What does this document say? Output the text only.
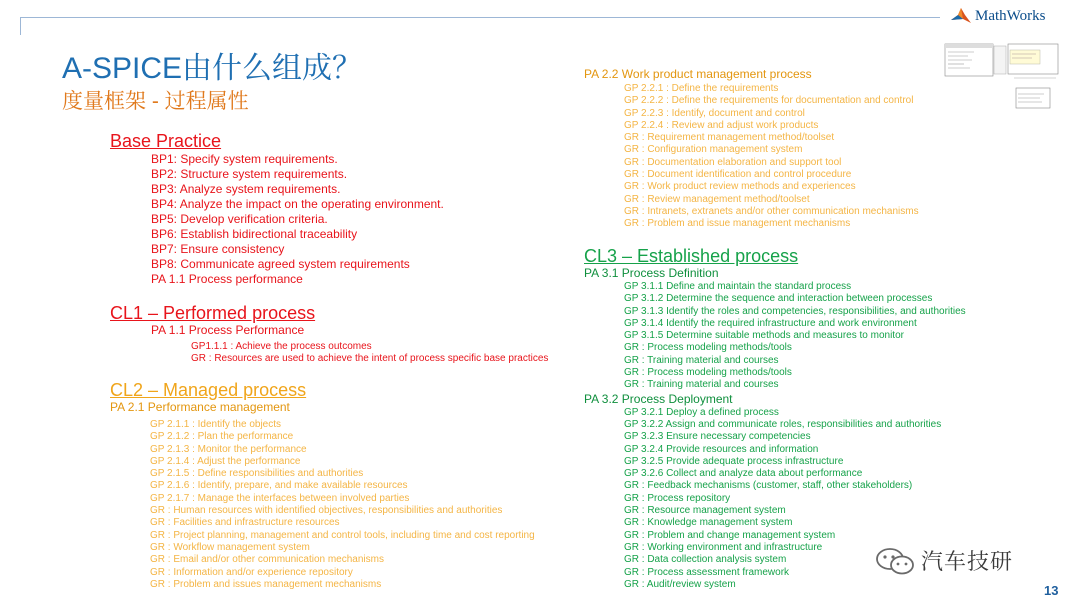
MathWorks
A-SPICE由什么组成？
度量框架 - 过程属性
Base Practice
BP1: Specify system requirements.
BP2: Structure system requirements.
BP3: Analyze system requirements.
BP4: Analyze the impact on the operating environment.
BP5: Develop verification criteria.
BP6: Establish bidirectional traceability
BP7: Ensure consistency
BP8: Communicate agreed system requirements
PA 1.1 Process performance
CL1 – Performed process
PA 1.1 Process Performance
GP1.1.1 : Achieve the process outcomes
GR : Resources are used to achieve the intent of process specific base practices
CL2 – Managed process
PA 2.1 Performance management
GP 2.1.1 : Identify the objects
GP 2.1.2 : Plan the performance
GP 2.1.3 : Monitor the performance
GP 2.1.4 : Adjust the performance
GP 2.1.5 : Define responsibilities and authorities
GP 2.1.6 : Identify, prepare, and make available resources
GP 2.1.7 : Manage the interfaces between involved parties
GR : Human resources with identified objectives, responsibilities and authorities
GR : Facilities and infrastructure resources
GR : Project planning, management and control tools, including time and cost reporting
GR : Workflow management system
GR : Email and/or other communication mechanisms
GR : Information and/or experience repository
GR : Problem and issues management mechanisms
PA 2.2 Work product management process
GP 2.2.1 : Define the requirements
GP 2.2.2 : Define the requirements for documentation and control
GP 2.2.3 : Identify, document and control
GP 2.2.4 : Review and adjust work products
GR : Requirement management method/toolset
GR : Configuration management system
GR : Documentation elaboration and support tool
GR : Document identification and control procedure
GR : Work product review methods and experiences
GR : Review management method/toolset
GR : Intranets, extranets and/or other communication mechanisms
GR : Problem and issue management mechanisms
CL3 – Established process
PA 3.1 Process Definition
GP 3.1.1 Define and maintain the standard process
GP 3.1.2 Determine the sequence and interaction between processes
GP 3.1.3 Identify the roles and competencies, responsibilities, and authorities
GP 3.1.4 Identify the required infrastructure and work environment
GP 3.1.5 Determine suitable methods and measures to monitor
GR : Process modeling methods/tools
GR : Training material and courses
GR : Process modeling methods/tools
GR : Training material and courses
PA 3.2 Process Deployment
GP 3.2.1 Deploy a defined process
GP 3.2.2 Assign and communicate roles, responsibilities and authorities
GP 3.2.3 Ensure necessary competencies
GP 3.2.4 Provide resources and information
GP 3.2.5 Provide adequate process infrastructure
GP 3.2.6 Collect and analyze data about performance
GR : Feedback mechanisms (customer, staff, other stakeholders)
GR : Process repository
GR : Resource management system
GR : Knowledge management system
GR : Problem and change management system
GR : Working environment and infrastructure
GR : Data collection analysis system
GR : Process assessment framework
GR : Audit/review system
汽车技研
13
